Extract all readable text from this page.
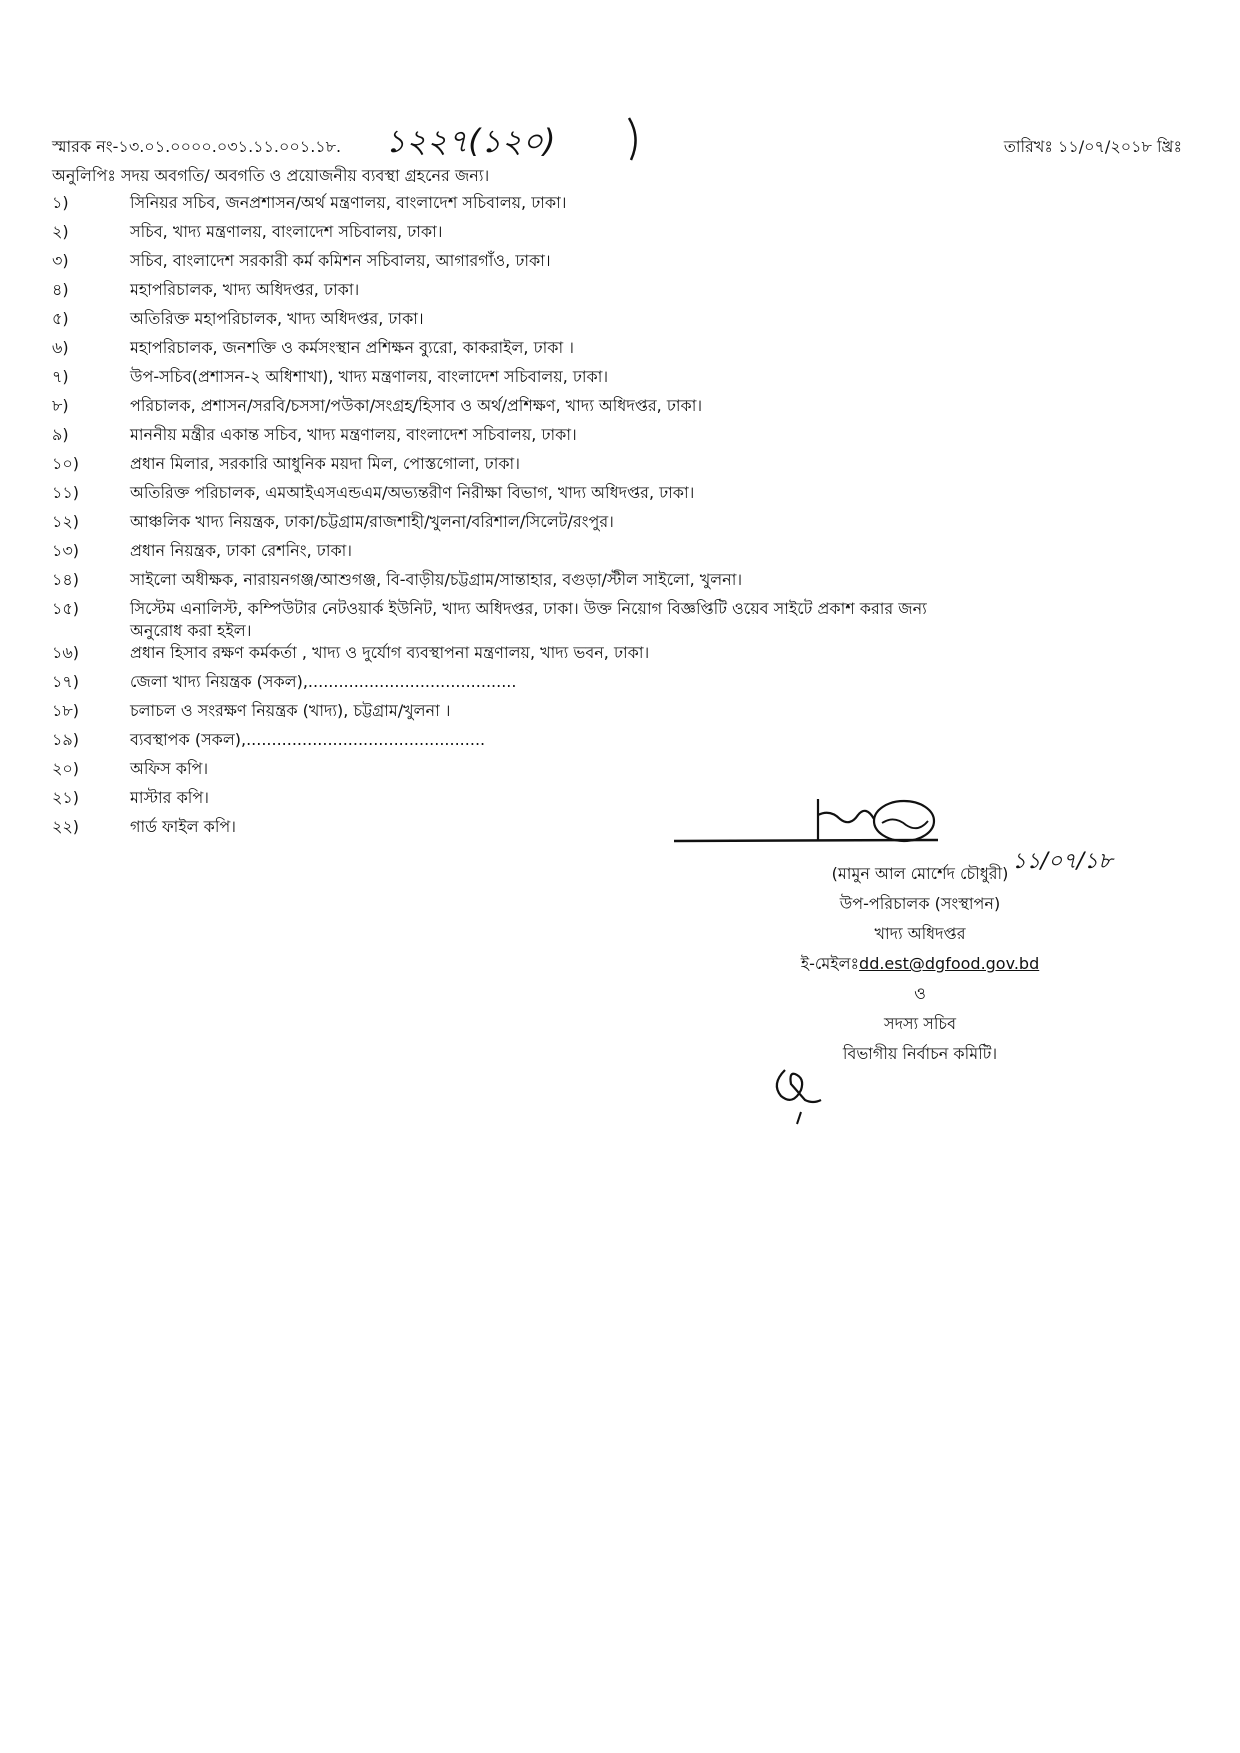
স্মারক নং-১৩.০১.০০০০.০৩১.১১.০০১.১৮. ১২২৭(১২০)	তারিখঃ ১১/০৭/২০১৮ খ্রিঃ
অনুলিপিঃ সদয় অবগতি/ অবগতি ও প্রয়োজনীয় ব্যবস্থা গ্রহনের জন্য।
১)	সিনিয়র সচিব, জনপ্রশাসন/অর্থ মন্ত্রণালয়, বাংলাদেশ সচিবালয়, ঢাকা।
২)	সচিব, খাদ্য মন্ত্রণালয়, বাংলাদেশ সচিবালয়, ঢাকা।
৩)	সচিব, বাংলাদেশ সরকারী কর্ম কমিশন সচিবালয়, আগারগাঁও, ঢাকা।
৪)	মহাপরিচালক, খাদ্য অধিদপ্তর, ঢাকা।
৫)	অতিরিক্ত মহাপরিচালক, খাদ্য অধিদপ্তর, ঢাকা।
৬)	মহাপরিচালক, জনশক্তি ও কর্মসংস্থান প্রশিক্ষন ব্যুরো, কাকরাইল, ঢাকা ।
৭)	উপ-সচিব(প্রশাসন-২ অধিশাখা), খাদ্য মন্ত্রণালয়, বাংলাদেশ সচিবালয়, ঢাকা।
৮)	পরিচালক, প্রশাসন/সরবি/চসসা/পউকা/সংগ্রহ/হিসাব ও অর্থ/প্রশিক্ষণ, খাদ্য অধিদপ্তর, ঢাকা।
৯)	মাননীয় মন্ত্রীর একান্ত সচিব, খাদ্য মন্ত্রণালয়, বাংলাদেশ সচিবালয়, ঢাকা।
১০)	প্রধান মিলার, সরকারি আধুনিক ময়দা মিল, পোস্তগোলা, ঢাকা।
১১)	অতিরিক্ত পরিচালক, এমআইএসএন্ডএম/অভ্যন্তরীণ নিরীক্ষা বিভাগ, খাদ্য অধিদপ্তর, ঢাকা।
১২)	আঞ্চলিক খাদ্য নিয়ন্ত্রক, ঢাকা/চট্টগ্রাম/রাজশাহী/খুলনা/বরিশাল/সিলেট/রংপুর।
১৩)	প্রধান নিয়ন্ত্রক, ঢাকা রেশনিং, ঢাকা।
১৪)	সাইলো অধীক্ষক, নারায়নগঞ্জ/আশুগঞ্জ, বি-বাড়ীয়/চট্টগ্রাম/সান্তাহার, বগুড়া/স্টীল সাইলো, খুলনা।
১৫)	সিস্টেম এনালিস্ট, কম্পিউটার নেটওয়ার্ক ইউনিট, খাদ্য অধিদপ্তর, ঢাকা। উক্ত নিয়োগ বিজ্ঞপ্তিটি ওয়েব সাইটে প্রকাশ করার জন্য অনুরোধ করা হইল।
১৬)	প্রধান হিসাব রক্ষণ কর্মকর্তা , খাদ্য ও দুর্যোগ ব্যবস্থাপনা মন্ত্রণালয়, খাদ্য ভবন, ঢাকা।
১৭)	জেলা খাদ্য নিয়ন্ত্রক (সকল),.........................................
১৮)	চলাচল ও সংরক্ষণ নিয়ন্ত্রক (খাদ্য), চট্টগ্রাম/খুলনা ।
১৯)	ব্যবস্থাপক (সকল),...............................................
২০)	অফিস কপি।
২১)	মাস্টার কপি।
২২)	গার্ড ফাইল কপি।
১১/০৭/১৮
(মামুন আল মোর্শেদ চৌধুরী)
উপ-পরিচালক (সংস্থাপন)
খাদ্য অধিদপ্তর
ই-মেইলঃdd.est@dgfood.gov.bd
ও
সদস্য সচিব
বিভাগীয় নির্বাচন কমিটি।
